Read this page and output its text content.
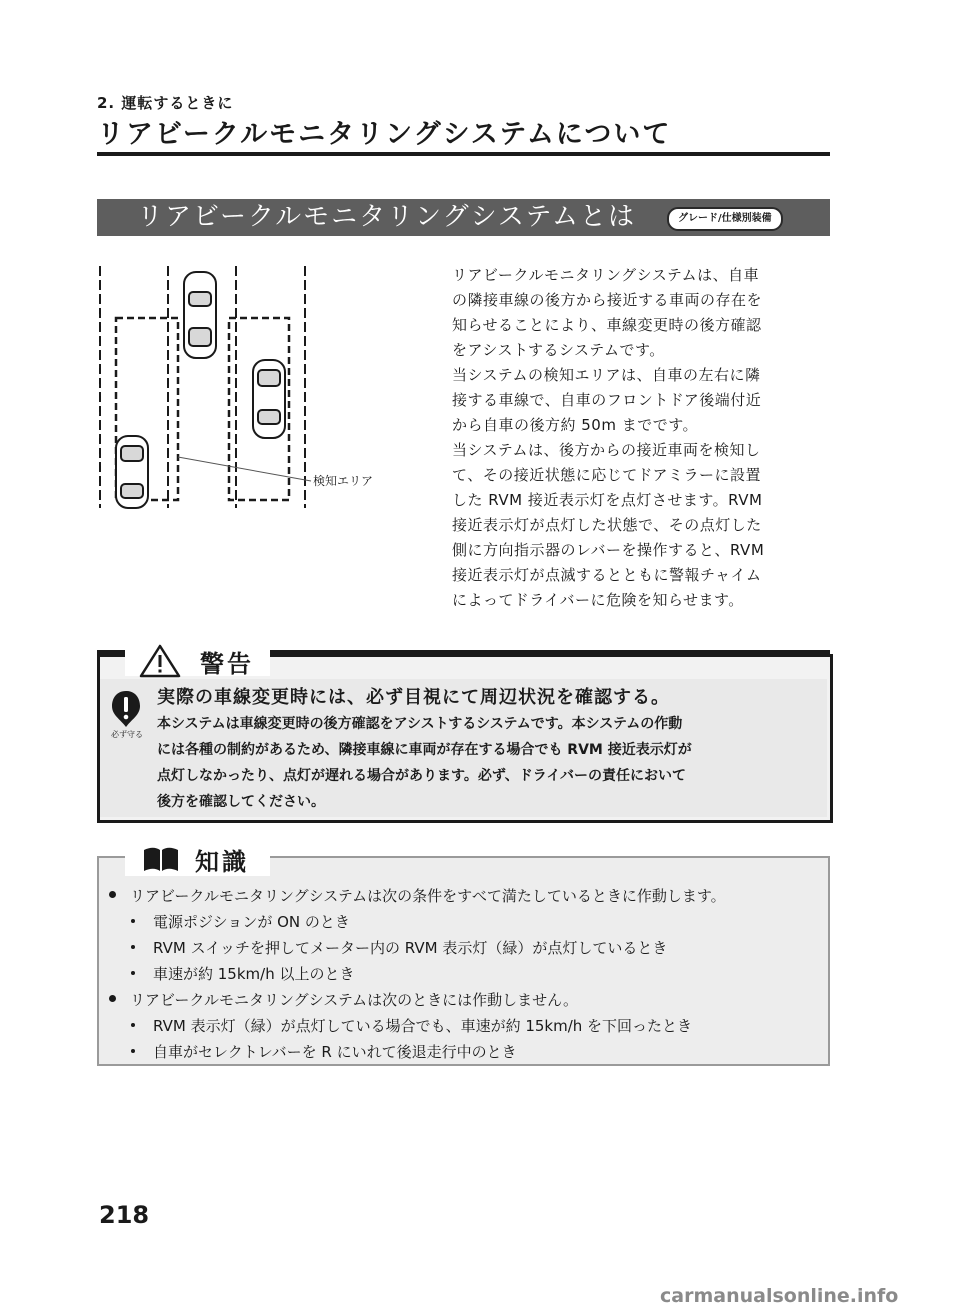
2. 運転するときに
リアビークルモニタリングシステムについて
リアビークルモニタリングシステムとは	グレード/仕様別装備
検知エリア
リアビークルモニタリングシステムは、自車
の隣接車線の後方から接近する車両の存在を
知らせることにより、車線変更時の後方確認
をアシストするシステムです。
当システムの検知エリアは、自車の左右に隣
接する車線で、自車のフロントドア後端付近
から自車の後方約 50m までです。
当システムは、後方からの接近車両を検知し
て、その接近状態に応じてドアミラーに設置
した RVM 接近表示灯を点灯させます。RVM
接近表示灯が点灯した状態で、その点灯した
側に方向指示器のレバーを操作すると、RVM
接近表示灯が点滅するとともに警報チャイム
によってドライバーに危険を知らせます。
警告
必ず守る
実際の車線変更時には、必ず目視にて周辺状況を確認する。
本システムは車線変更時の後方確認をアシストするシステムです。本システムの作動
には各種の制約があるため、隣接車線に車両が存在する場合でも RVM 接近表示灯が
点灯しなかったり、点灯が遅れる場合があります。必ず、ドライバーの責任において
後方を確認してください。
知識
リアビークルモニタリングシステムは次の条件をすべて満たしているときに作動します。
電源ポジションが ON のとき
RVM スイッチを押してメーター内の RVM 表示灯（緑）が点灯しているとき
車速が約 15km/h 以上のとき
リアビークルモニタリングシステムは次のときには作動しません。
RVM 表示灯（緑）が点灯している場合でも、車速が約 15km/h を下回ったとき
自車がセレクトレバーを R にいれて後退走行中のとき
218
carmanualsonline.info
